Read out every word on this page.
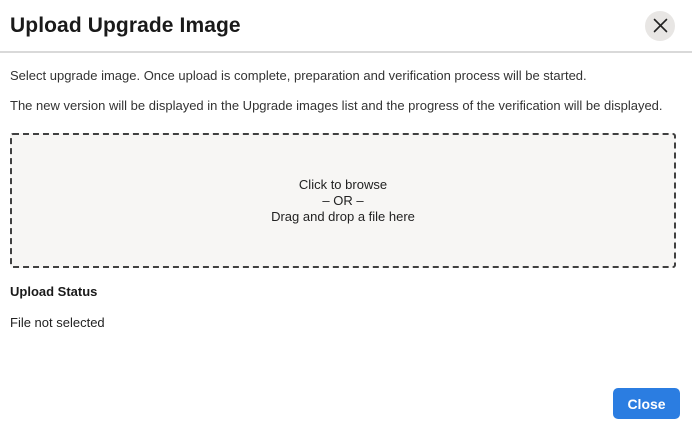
Upload Upgrade Image

Select upgrade image. Once upload is complete, preparation and verification process will be started.

The new version will be displayed in the Upgrade images list and the progress of the verification will be displayed.

Click to browse
– OR –
Drag and drop a file here
Upload Status
File not selected
Close
